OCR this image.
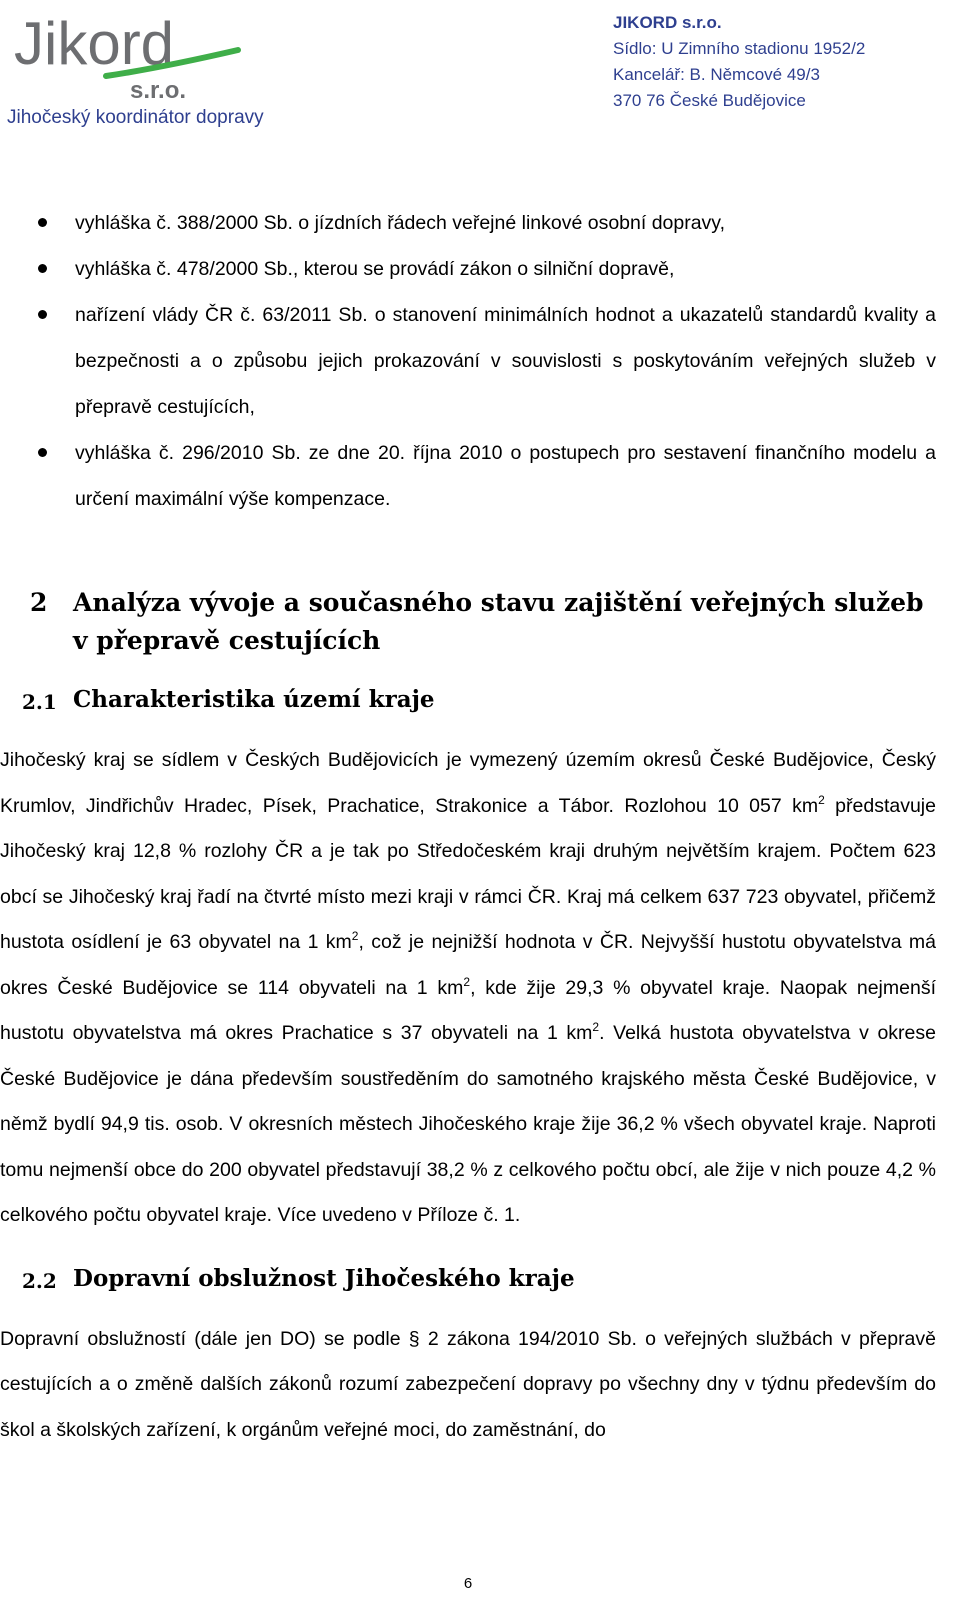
Jikord
s.r.o.
Jihočeský koordinátor dopravy
JIKORD s.r.o.
Sídlo: U Zimního stadionu 1952/2
Kancelář: B. Němcové 49/3
370 76 České Budějovice
vyhláška č. 388/2000 Sb. o jízdních řádech veřejné linkové osobní dopravy,
vyhláška č. 478/2000 Sb., kterou se provádí zákon o silniční dopravě,
nařízení vlády ČR č. 63/2011 Sb. o stanovení minimálních hodnot a ukazatelů standardů kvality a bezpečnosti a o způsobu jejich prokazování v souvislosti s poskytováním veřejných služeb v přepravě cestujících,
vyhláška č. 296/2010 Sb. ze dne 20. října 2010 o postupech pro sestavení finančního modelu a určení maximální výše kompenzace.
2 Analýza vývoje a současného stavu zajištění veřejných služeb v přepravě cestujících
2.1 Charakteristika území kraje

Jihočeský kraj se sídlem v Českých Budějovicích je vymezený územím okresů České Budějovice, Český Krumlov, Jindřichův Hradec, Písek, Prachatice, Strakonice a Tábor. Rozlohou 10 057 $km^2$ představuje Jihočeský kraj 12,8 % rozlohy ČR a je tak po Středočeském kraji druhým největším krajem. Počtem 623 obcí se Jihočeský kraj řadí na čtvrté místo mezi kraji v rámci ČR. Kraj má celkem 637 723 obyvatel, přičemž hustota osídlení je 63 obyvatel na 1 $km^2$, což je nejnižší hodnota v ČR. Nejvyšší hustotu obyvatelstva má okres České Budějovice se 114 obyvateli na 1 $km^2$, kde žije 29,3 % obyvatel kraje. Naopak nejmenší hustotu obyvatelstva má okres Prachatice s 37 obyvateli na 1 $km^2$. Velká hustota obyvatelstva v okrese České Budějovice je dána především soustředěním do samotného krajského města České Budějovice, v němž bydlí 94,9 tis. osob. V okresních městech Jihočeského kraje žije 36,2 % všech obyvatel kraje. Naproti tomu nejmenší obce do 200 obyvatel představují 38,2 % z celkového počtu obcí, ale žije v nich pouze 4,2 % celkového počtu obyvatel kraje. Více uvedeno v Příloze č. 1.

2.2 Dopravní obslužnost Jihočeského kraje

Dopravní obslužností (dále jen DO) se podle § 2 zákona 194/2010 Sb. o veřejných službách v přepravě cestujících a o změně dalších zákonů rozumí zabezpečení dopravy po všechny dny v týdnu především do škol a školských zařízení, k orgánům veřejné moci, do zaměstnání, do

6
